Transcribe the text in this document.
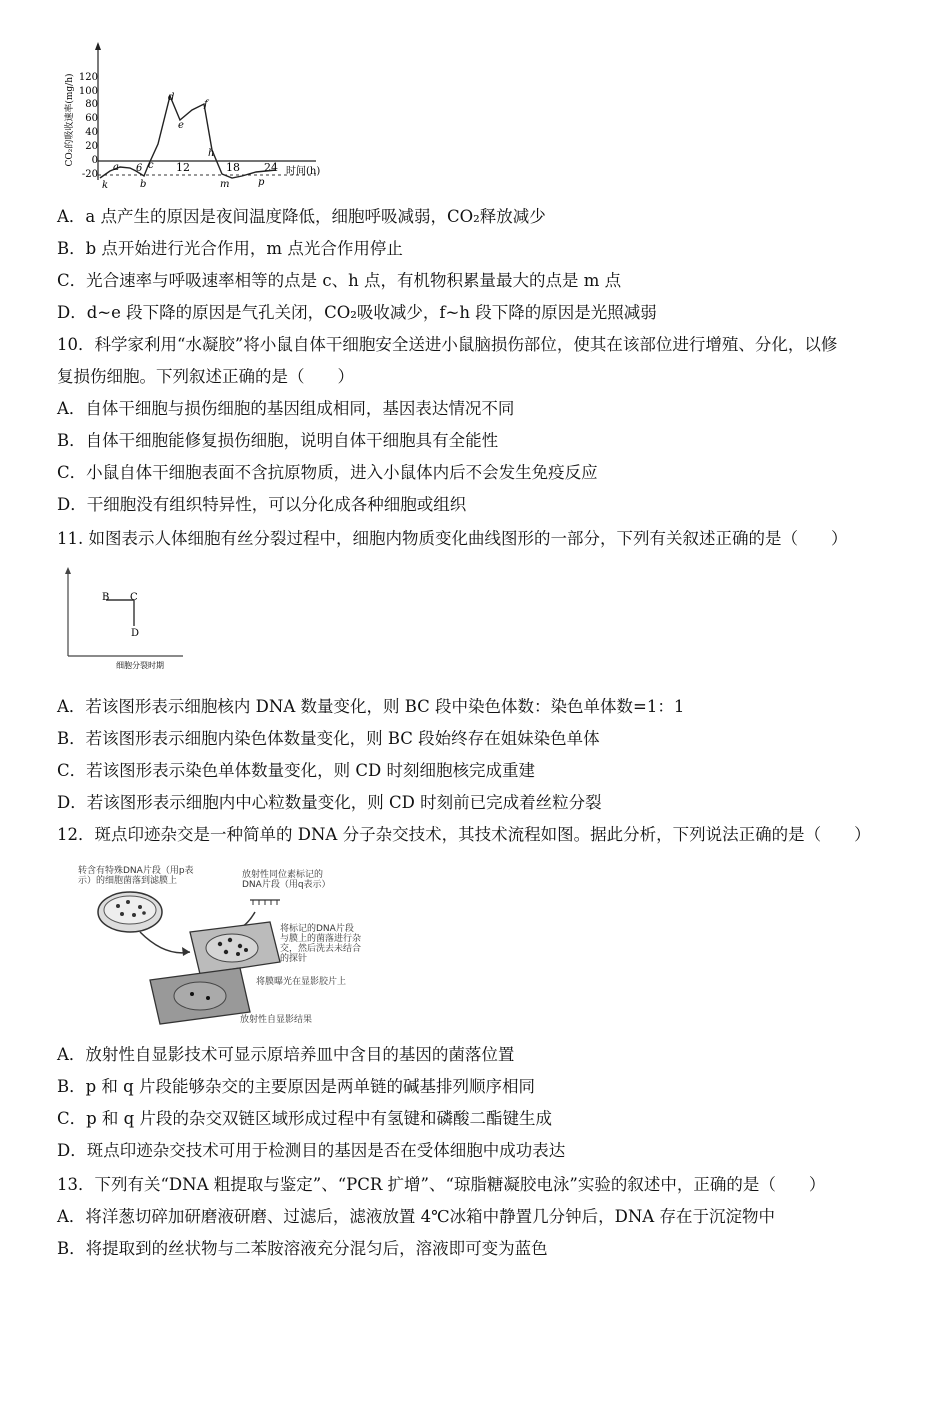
CO₂的吸收速率(mg/h) 120
100
80
60
40
20
0
-20
6	12	18 24 时间(h)
a
b
c
d
e
f
h
k	m	p
A．a 点产生的原因是夜间温度降低，细胞呼吸减弱，CO₂释放减少
B．b 点开始进行光合作用，m 点光合作用停止
C．光合速率与呼吸速率相等的点是 c、h 点，有机物积累量最大的点是 m 点
D．d~e 段下降的原因是气孔关闭，CO₂吸收减少，f~h 段下降的原因是光照减弱
10．科学家利用“水凝胶”将小鼠自体干细胞安全送进小鼠脑损伤部位，使其在该部位进行增殖、分化，以修
复损伤细胞。下列叙述正确的是（　　）
A．自体干细胞与损伤细胞的基因组成相同，基因表达情况不同
B．自体干细胞能修复损伤细胞，说明自体干细胞具有全能性
C．小鼠自体干细胞表面不含抗原物质，进入小鼠体内后不会发生免疫反应
D．干细胞没有组织特异性，可以分化成各种细胞或组织
11. 如图表示人体细胞有丝分裂过程中，细胞内物质变化曲线图形的一部分，下列有关叙述正确的是（　　）
B C
D
细胞分裂时期
A．若该图形表示细胞核内 DNA 数量变化，则 BC 段中染色体数：染色单体数=1：1
B．若该图形表示细胞内染色体数量变化，则 BC 段始终存在姐妹染色单体
C．若该图形表示染色单体数量变化，则 CD 时刻细胞核完成重建
D．若该图形表示细胞内中心粒数量变化，则 CD 时刻前已完成着丝粒分裂
12．斑点印迹杂交是一种简单的 DNA 分子杂交技术，其技术流程如图。据此分析，下列说法正确的是（　　）
转含有特殊DNA片段（用p表示）的细胞菌落到滤膜上
放射性同位素标记的DNA片段（用q表示）
将标记的DNA片段与膜上的菌落进行杂交，然后洗去未结合的探针
将膜曝光在显影胶片上
放射性自显影结果
A．放射性自显影技术可显示原培养皿中含目的基因的菌落位置
B．p 和 q 片段能够杂交的主要原因是两单链的碱基排列顺序相同
C．p 和 q 片段的杂交双链区域形成过程中有氢键和磷酸二酯键生成
D．斑点印迹杂交技术可用于检测目的基因是否在受体细胞中成功表达
13．下列有关“DNA 粗提取与鉴定”、“PCR 扩增”、“琼脂糖凝胶电泳”实验的叙述中，正确的是（　　）
A．将洋葱切碎加研磨液研磨、过滤后，滤液放置 4℃冰箱中静置几分钟后，DNA 存在于沉淀物中
B．将提取到的丝状物与二苯胺溶液充分混匀后，溶液即可变为蓝色
